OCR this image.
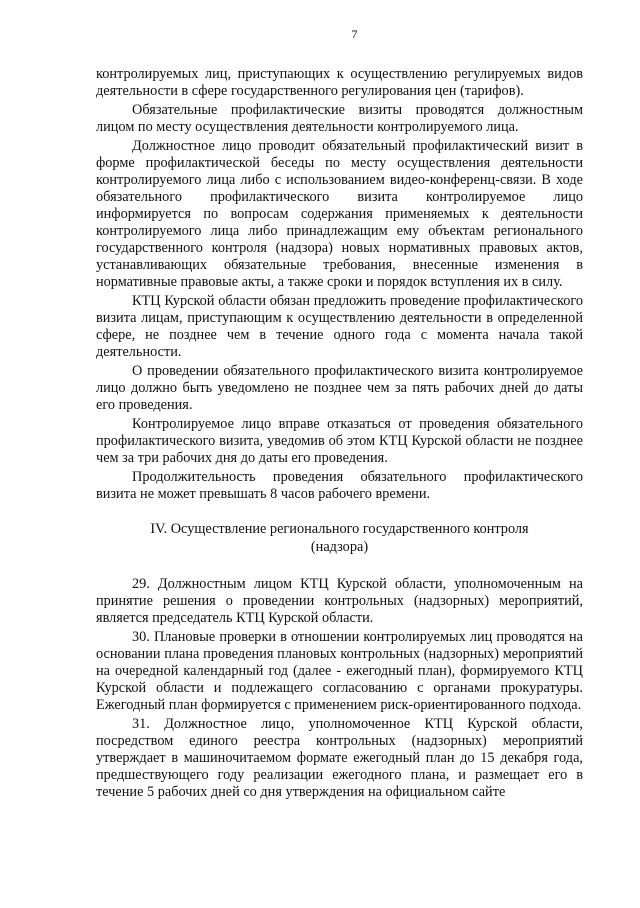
7

контролируемых лиц, приступающих к осуществлению регулируемых видов деятельности в сфере государственного регулирования цен (тарифов).

Обязательные профилактические визиты проводятся должностным лицом по месту осуществления деятельности контролируемого лица.

Должностное лицо проводит обязательный профилактический визит в форме профилактической беседы по месту осуществления деятельности контролируемого лица либо с использованием видео-конференц-связи. В ходе обязательного профилактического визита контролируемое лицо информируется по вопросам содержания применяемых к деятельности контролируемого лица либо принадлежащим ему объектам регионального государственного контроля (надзора) новых нормативных правовых актов, устанавливающих обязательные требования, внесенные изменения в нормативные правовые акты, а также сроки и порядок вступления их в силу.

КТЦ Курской области обязан предложить проведение профилактического визита лицам, приступающим к осуществлению деятельности в определенной сфере, не позднее чем в течение одного года с момента начала такой деятельности.

О проведении обязательного профилактического визита контролируемое лицо должно быть уведомлено не позднее чем за пять рабочих дней до даты его проведения.

Контролируемое лицо вправе отказаться от проведения обязательного профилактического визита, уведомив об этом КТЦ Курской области не позднее чем за три рабочих дня до даты его проведения.

Продолжительность проведения обязательного профилактического визита не может превышать 8 часов рабочего времени.

IV. Осуществление регионального государственного контроля
(надзора)

29. Должностным лицом КТЦ Курской области, уполномоченным на принятие решения о проведении контрольных (надзорных) мероприятий, является председатель КТЦ Курской области.

30. Плановые проверки в отношении контролируемых лиц проводятся на основании плана проведения плановых контрольных (надзорных) мероприятий на очередной календарный год (далее - ежегодный план), формируемого КТЦ Курской области и подлежащего согласованию с органами прокуратуры. Ежегодный план формируется с применением риск-ориентированного подхода.

31. Должностное лицо, уполномоченное КТЦ Курской области, посредством единого реестра контрольных (надзорных) мероприятий утверждает в машиночитаемом формате ежегодный план до 15 декабря года, предшествующего году реализации ежегодного плана, и размещает его в течение 5 рабочих дней со дня утверждения на официальном сайте
